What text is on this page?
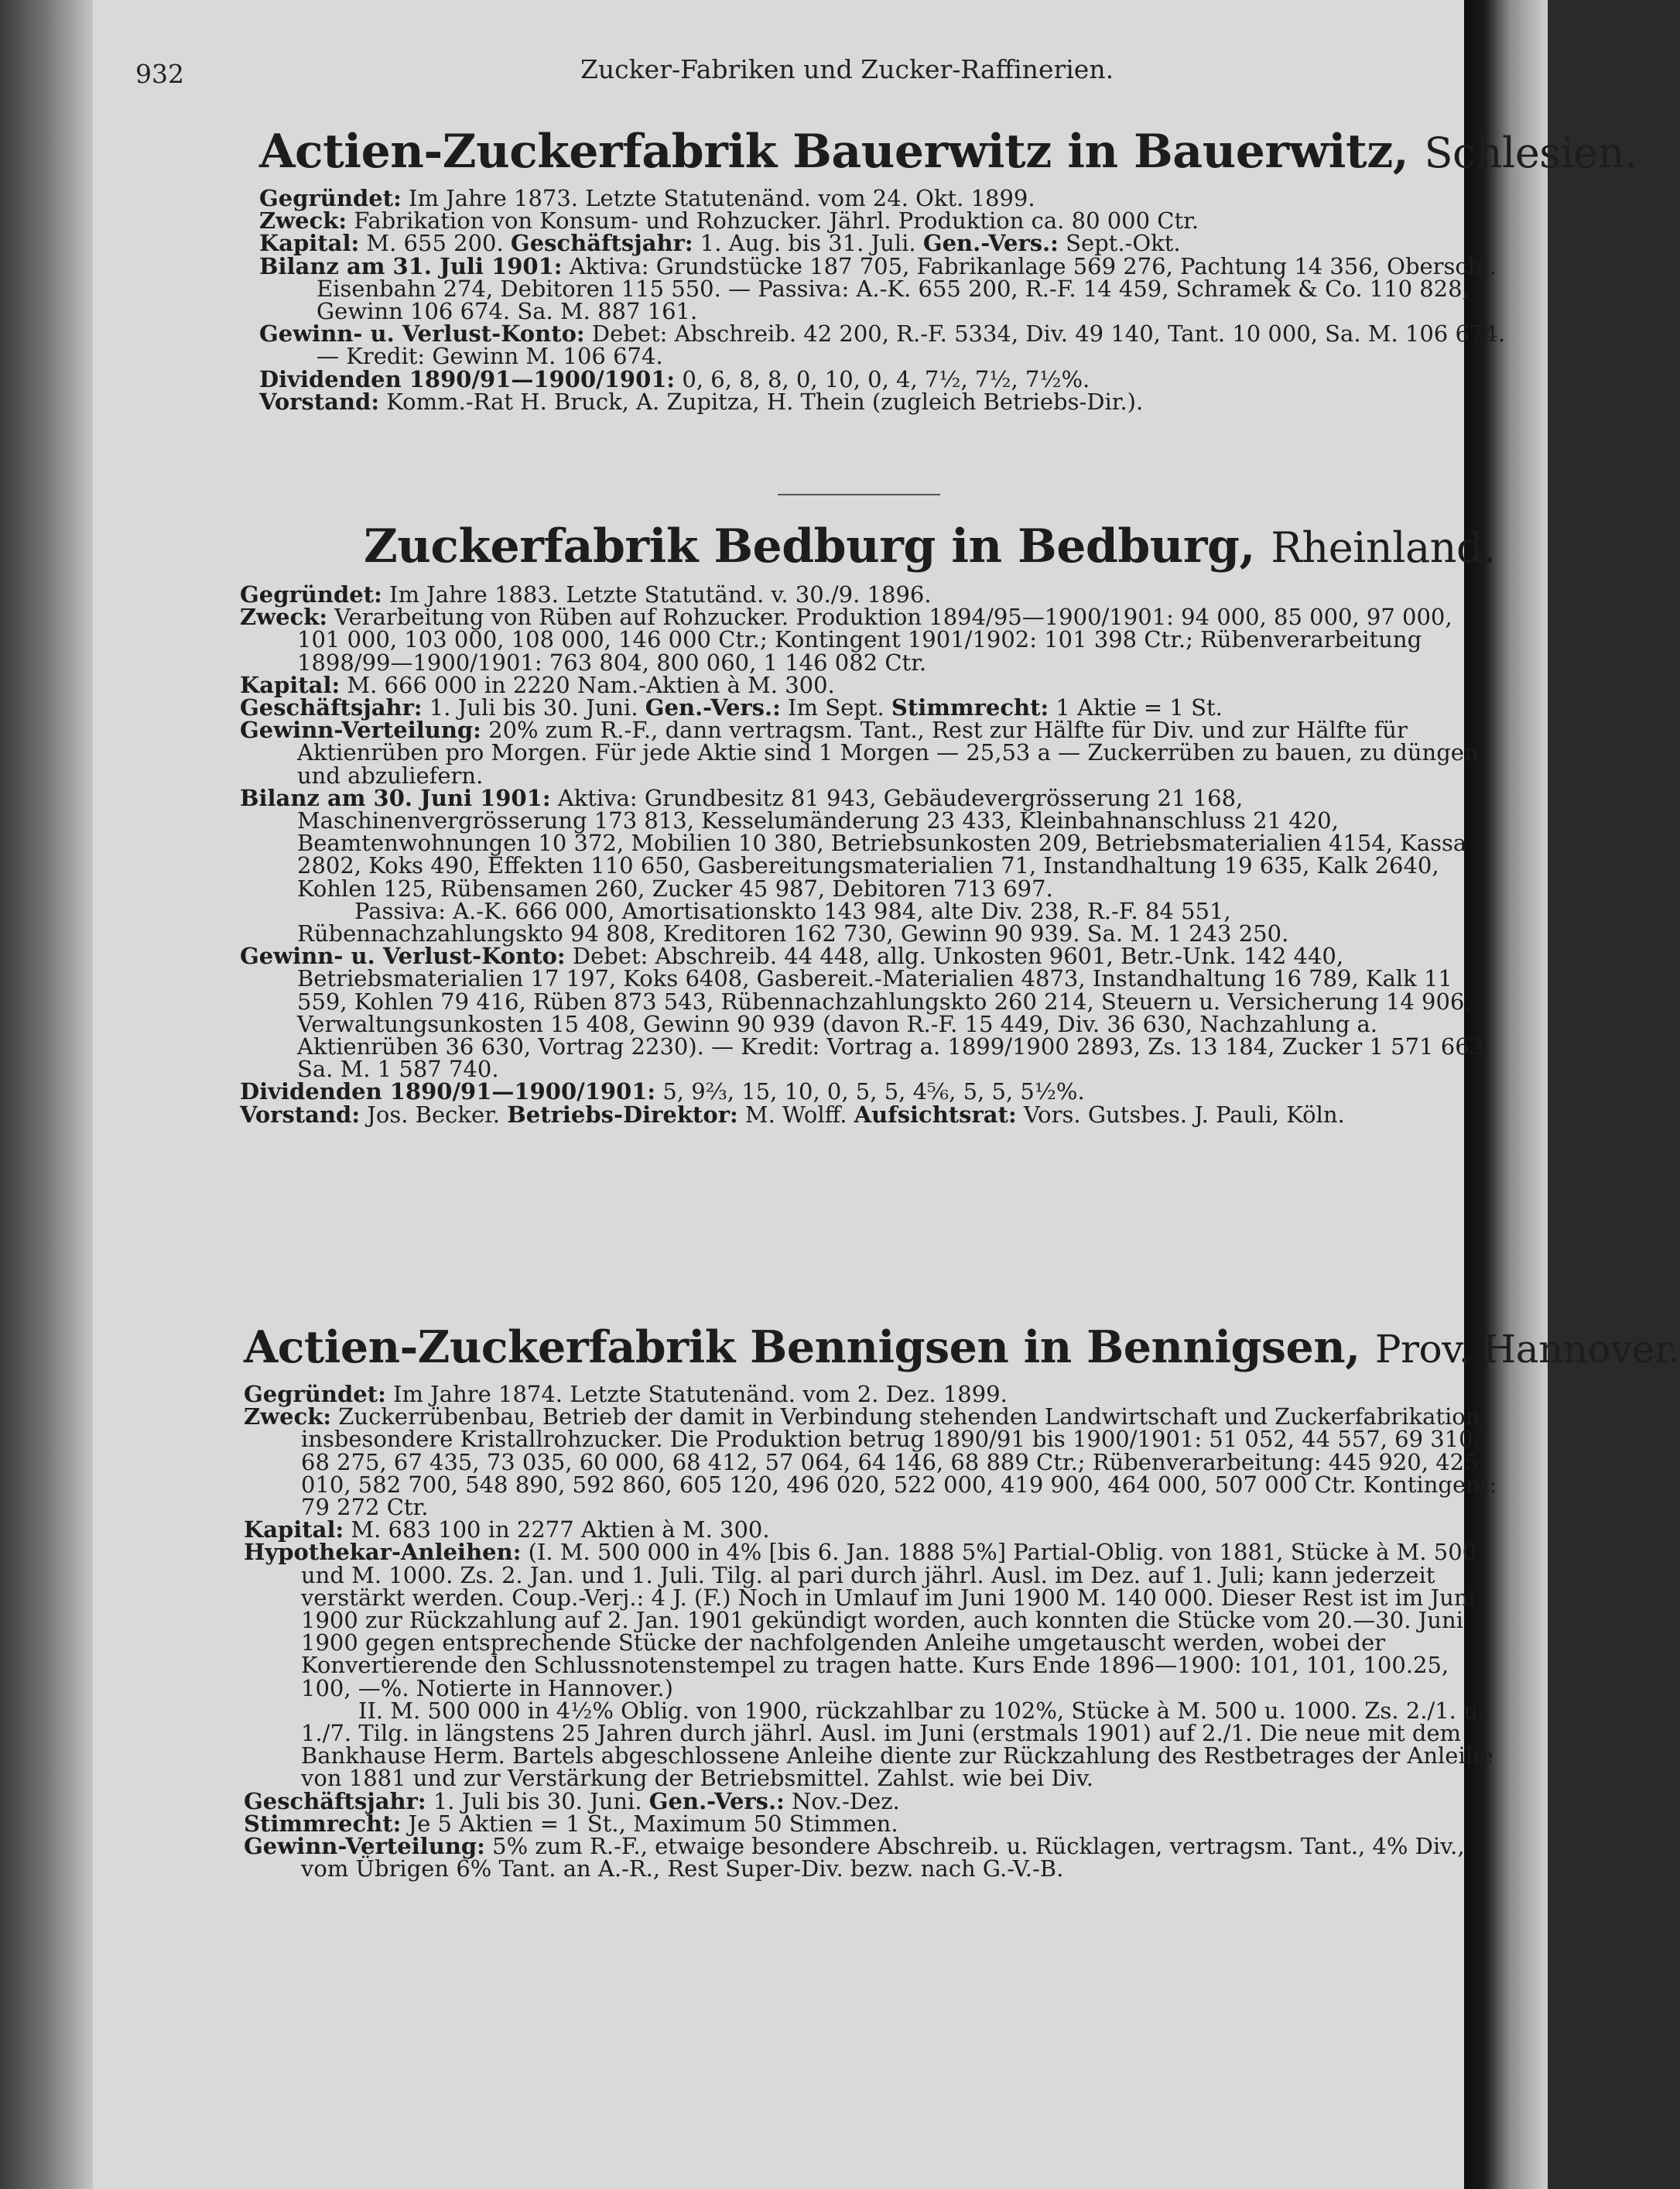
932	Zucker-Fabriken und Zucker-Raffinerien.
Actien-Zuckerfabrik Bauerwitz in Bauerwitz, Schlesien.
Gegründet: Im Jahre 1873. Letzte Statutenänd. vom 24. Okt. 1899.
Zweck: Fabrikation von Konsum- und Rohzucker. Jährl. Produktion ca. 80 000 Ctr.
Kapital: M. 655 200. Geschäftsjahr: 1. Aug. bis 31. Juli. Gen.-Vers.: Sept.-Okt.
Bilanz am 31. Juli 1901: Aktiva: Grundstücke 187 705, Fabrikanlage 569 276, Pachtung 14 356, Oberschl. Eisenbahn 274, Debitoren 115 550. — Passiva: A.-K. 655 200, R.-F. 14 459, Schramek & Co. 110 828, Gewinn 106 674. Sa. M. 887 161.
Gewinn- u. Verlust-Konto: Debet: Abschreib. 42 200, R.-F. 5334, Div. 49 140, Tant. 10 000, Sa. M. 106 674. — Kredit: Gewinn M. 106 674.
Dividenden 1890/91—1900/1901: 0, 6, 8, 8, 0, 10, 0, 4, 7½, 7½, 7½%.
Vorstand: Komm.-Rat H. Bruck, A. Zupitza, H. Thein (zugleich Betriebs-Dir.).
Zuckerfabrik Bedburg in Bedburg, Rheinland.
Gegründet: Im Jahre 1883. Letzte Statutänd. v. 30./9. 1896.
Zweck: Verarbeitung von Rüben auf Rohzucker. Produktion 1894/95—1900/1901: 94 000, 85 000, 97 000, 101 000, 103 000, 108 000, 146 000 Ctr.; Kontingent 1901/1902: 101 398 Ctr.; Rübenverarbeitung 1898/99—1900/1901: 763 804, 800 060, 1 146 082 Ctr.
Kapital: M. 666 000 in 2220 Nam.-Aktien à M. 300.
Geschäftsjahr: 1. Juli bis 30. Juni. Gen.-Vers.: Im Sept. Stimmrecht: 1 Aktie = 1 St.
Gewinn-Verteilung: 20% zum R.-F., dann vertragsm. Tant., Rest zur Hälfte für Div. und zur Hälfte für Aktienrüben pro Morgen. Für jede Aktie sind 1 Morgen — 25,53 a — Zuckerrüben zu bauen, zu düngen und abzuliefern.
Bilanz am 30. Juni 1901: Aktiva: Grundbesitz 81 943, Gebäudevergrösserung 21 168, Maschinenvergrösserung 173 813, Kesselumänderung 23 433, Kleinbahnanschluss 21 420, Beamtenwohnungen 10 372, Mobilien 10 380, Betriebsunkosten 209, Betriebsmaterialien 4154, Kassa 2802, Koks 490, Effekten 110 650, Gasbereitungsmaterialien 71, Instandhaltung 19 635, Kalk 2640, Kohlen 125, Rübensamen 260, Zucker 45 987, Debitoren 713 697.
Passiva: A.-K. 666 000, Amortisationskto 143 984, alte Div. 238, R.-F. 84 551, Rübennachzahlungskto 94 808, Kreditoren 162 730, Gewinn 90 939. Sa. M. 1 243 250.
Gewinn- u. Verlust-Konto: Debet: Abschreib. 44 448, allg. Unkosten 9601, Betr.-Unk. 142 440, Betriebsmaterialien 17 197, Koks 6408, Gasbereit.-Materialien 4873, Instandhaltung 16 789, Kalk 11 559, Kohlen 79 416, Rüben 873 543, Rübennachzahlungskto 260 214, Steuern u. Versicherung 14 906, Verwaltungsunkosten 15 408, Gewinn 90 939 (davon R.-F. 15 449, Div. 36 630, Nachzahlung a. Aktienrüben 36 630, Vortrag 2230). — Kredit: Vortrag a. 1899/1900 2893, Zs. 13 184, Zucker 1 571 663. Sa. M. 1 587 740.
Dividenden 1890/91—1900/1901: 5, 9⅔, 15, 10, 0, 5, 5, 4⅚, 5, 5, 5½%.
Vorstand: Jos. Becker. Betriebs-Direktor: M. Wolff. Aufsichtsrat: Vors. Gutsbes. J. Pauli, Köln.
Actien-Zuckerfabrik Bennigsen in Bennigsen, Prov. Hannover.
Gegründet: Im Jahre 1874. Letzte Statutenänd. vom 2. Dez. 1899.
Zweck: Zuckerrübenbau, Betrieb der damit in Verbindung stehenden Landwirtschaft und Zuckerfabrikation, insbesondere Kristallrohzucker. Die Produktion betrug 1890/91 bis 1900/1901: 51 052, 44 557, 69 310, 68 275, 67 435, 73 035, 60 000, 68 412, 57 064, 64 146, 68 889 Ctr.; Rübenverarbeitung: 445 920, 425 010, 582 700, 548 890, 592 860, 605 120, 496 020, 522 000, 419 900, 464 000, 507 000 Ctr. Kontingent: 79 272 Ctr.
Kapital: M. 683 100 in 2277 Aktien à M. 300.
Hypothekar-Anleihen: (I. M. 500 000 in 4% [bis 6. Jan. 1888 5%] Partial-Oblig. von 1881, Stücke à M. 500 und M. 1000. Zs. 2. Jan. und 1. Juli. Tilg. al pari durch jährl. Ausl. im Dez. auf 1. Juli; kann jederzeit verstärkt werden. Coup.-Verj.: 4 J. (F.) Noch in Umlauf im Juni 1900 M. 140 000. Dieser Rest ist im Juni 1900 zur Rückzahlung auf 2. Jan. 1901 gekündigt worden, auch konnten die Stücke vom 20.—30. Juni 1900 gegen entsprechende Stücke der nachfolgenden Anleihe umgetauscht werden, wobei der Konvertierende den Schlussnotenstempel zu tragen hatte. Kurs Ende 1896—1900: 101, 101, 100.25, 100, —%. Notierte in Hannover.)
II. M. 500 000 in 4½% Oblig. von 1900, rückzahlbar zu 102%, Stücke à M. 500 u. 1000. Zs. 2./1. u. 1./7. Tilg. in längstens 25 Jahren durch jährl. Ausl. im Juni (erstmals 1901) auf 2./1. Die neue mit dem Bankhause Herm. Bartels abgeschlossene Anleihe diente zur Rückzahlung des Restbetrages der Anleihe von 1881 und zur Verstärkung der Betriebsmittel. Zahlst. wie bei Div.
Geschäftsjahr: 1. Juli bis 30. Juni. Gen.-Vers.: Nov.-Dez.
Stimmrecht: Je 5 Aktien = 1 St., Maximum 50 Stimmen.
Gewinn-Verteilung: 5% zum R.-F., etwaige besondere Abschreib. u. Rücklagen, vertragsm. Tant., 4% Div., vom Übrigen 6% Tant. an A.-R., Rest Super-Div. bezw. nach G.-V.-B.
